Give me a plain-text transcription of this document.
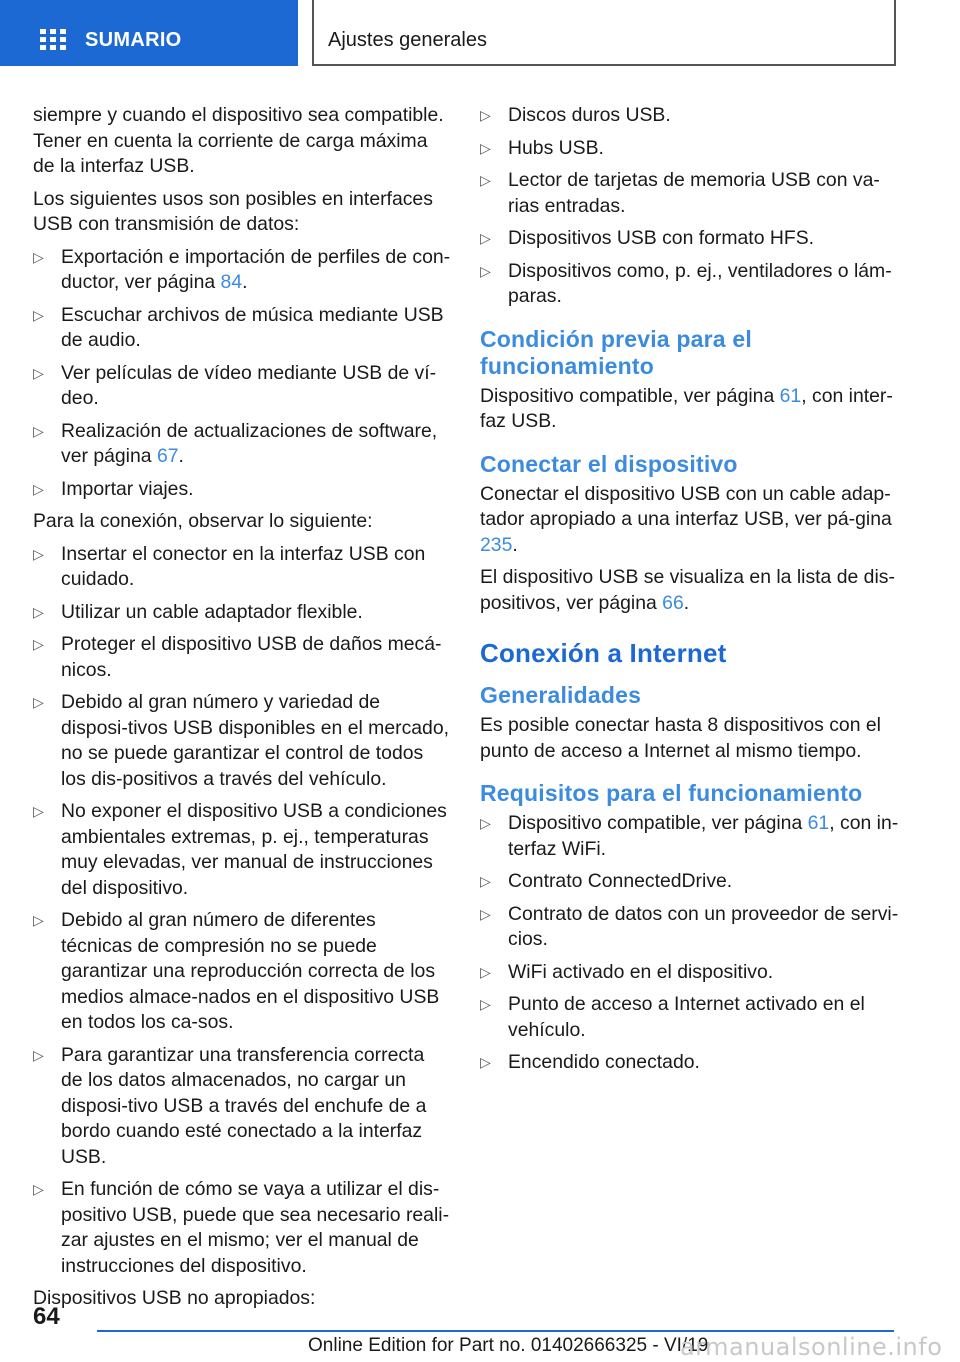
SUMARIO	Ajustes generales

siempre y cuando el dispositivo sea compatible. Tener en cuenta la corriente de carga máxima de la interfaz USB.

Los siguientes usos son posibles en interfaces USB con transmisión de datos:

▷ Exportación e importación de perfiles de con-ductor, ver página 84.
▷ Escuchar archivos de música mediante USB de audio.
▷ Ver películas de vídeo mediante USB de ví-deo.
▷ Realización de actualizaciones de software, ver página 67.
▷ Importar viajes.

Para la conexión, observar lo siguiente:

▷ Insertar el conector en la interfaz USB con cuidado.
▷ Utilizar un cable adaptador flexible.
▷ Proteger el dispositivo USB de daños mecá-nicos.
▷ Debido al gran número y variedad de disposi-tivos USB disponibles en el mercado, no se puede garantizar el control de todos los dis-positivos a través del vehículo.
▷ No exponer el dispositivo USB a condiciones ambientales extremas, p. ej., temperaturas muy elevadas, ver manual de instrucciones del dispositivo.
▷ Debido al gran número de diferentes técnicas de compresión no se puede garantizar una reproducción correcta de los medios almace-nados en el dispositivo USB en todos los ca-sos.
▷ Para garantizar una transferencia correcta de los datos almacenados, no cargar un disposi-tivo USB a través del enchufe de a bordo cuando esté conectado a la interfaz USB.
▷ En función de cómo se vaya a utilizar el dis-positivo USB, puede que sea necesario reali-zar ajustes en el mismo; ver el manual de instrucciones del dispositivo.

Dispositivos USB no apropiados:

▷ Discos duros USB.
▷ Hubs USB.
▷ Lector de tarjetas de memoria USB con va-rias entradas.
▷ Dispositivos USB con formato HFS.
▷ Dispositivos como, p. ej., ventiladores o lám-paras.
Condición previa para el funcionamiento

Dispositivo compatible, ver página 61, con inter-faz USB.

Conectar el dispositivo

Conectar el dispositivo USB con un cable adap-tador apropiado a una interfaz USB, ver pá-gina 235.

El dispositivo USB se visualiza en la lista de dis-positivos, ver página 66.

Conexión a Internet
Generalidades

Es posible conectar hasta 8 dispositivos con el punto de acceso a Internet al mismo tiempo.

Requisitos para el funcionamiento
▷ Dispositivo compatible, ver página 61, con in-terfaz WiFi.
▷ Contrato ConnectedDrive.
▷ Contrato de datos con un proveedor de servi-cios.
▷ WiFi activado en el dispositivo.
▷ Punto de acceso a Internet activado en el vehículo.
▷ Encendido conectado.
64
Online Edition for Part no. 01402666325 - VI/19
armanualsonline.info
